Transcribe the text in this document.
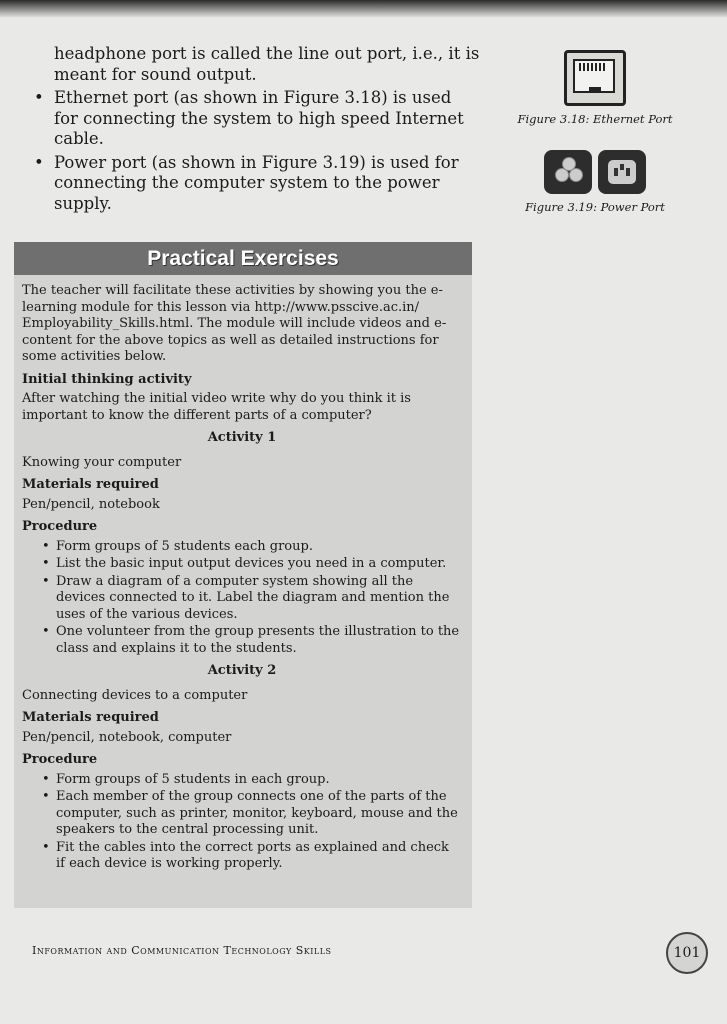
headphone port is called the line out port, i.e., it is meant for sound output.

• Ethernet port (as shown in Figure 3.18) is used for connecting the system to high speed Internet cable.
• Power port (as shown in Figure 3.19) is used for connecting the computer system to the power supply.
Figure 3.18: Ethernet Port
Figure 3.19: Power Port
Practical Exercises

The teacher will facilitate these activities by showing you the e-learning module for this lesson via http://www.psscive.ac.in/ Employability_Skills.html. The module will include videos and e-content for the above topics as well as detailed instructions for some activities below.

Initial thinking activity

After watching the initial video write why do you think it is important to know the different parts of a computer?

Activity 1

Knowing your computer

Materials required

Pen/pencil, notebook

Procedure
• Form groups of 5 students each group.
• List the basic input output devices you need in a computer.
• Draw a diagram of a computer system showing all the devices connected to it. Label the diagram and mention the uses of the various devices.
• One volunteer from the group presents the illustration to the class and explains it to the students.
Activity 2

Connecting devices to a computer

Materials required

Pen/pencil, notebook, computer

Procedure
• Form groups of 5 students in each group.
• Each member of the group connects one of the parts of the computer, such as printer, monitor, keyboard, mouse and the speakers to the central processing unit.
• Fit the cables into the correct ports as explained and check if each device is working properly.
Information and Communication Technology Skills	101
